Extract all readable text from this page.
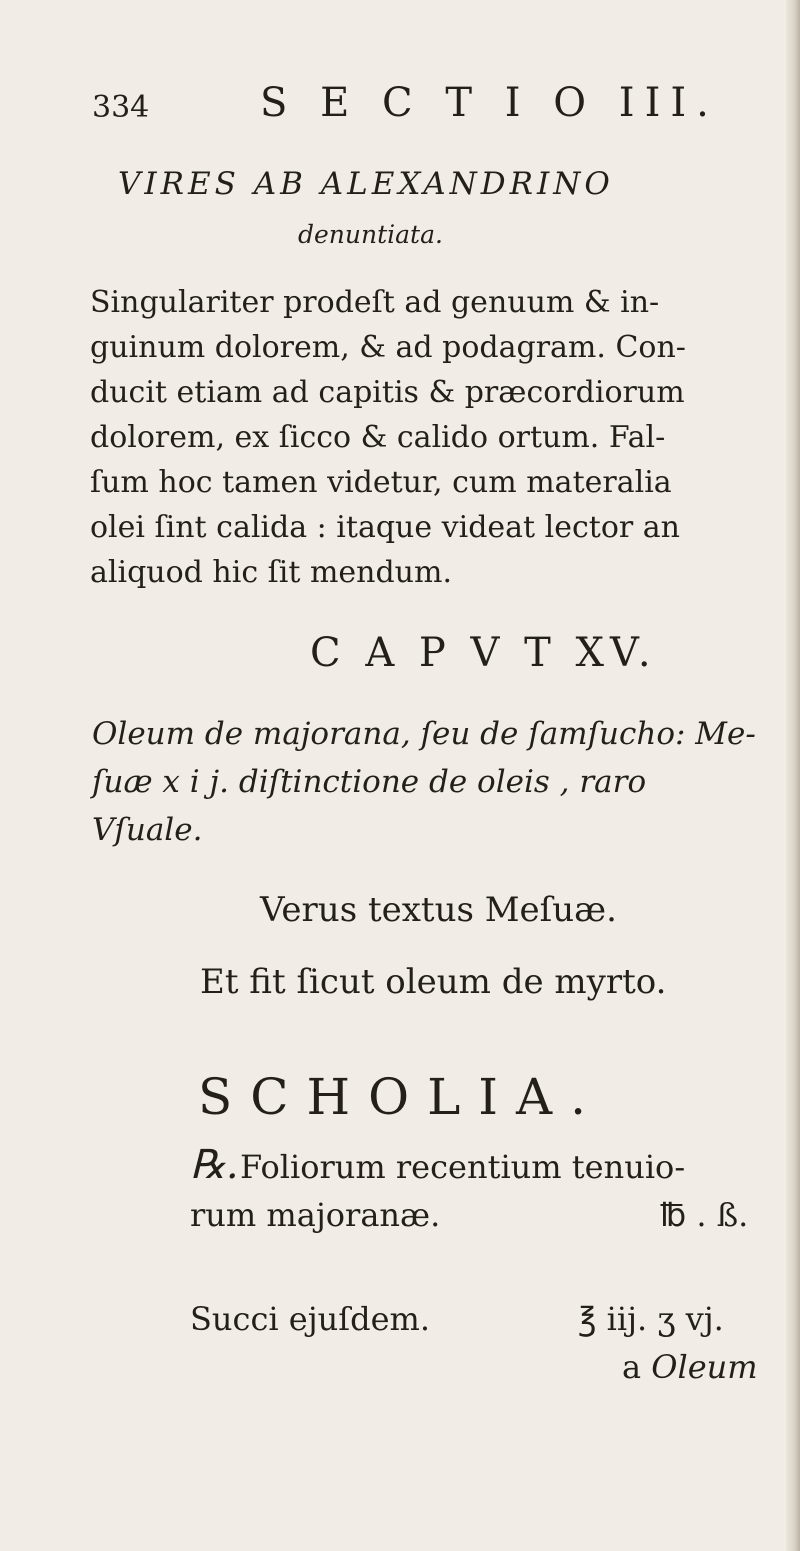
334	S E C T I O III.
VIRES AB ALEXANDRINO
denuntiata.
Singulariter prodeſt ad genuum & in-
guinum dolorem, & ad podagram. Con-
ducit etiam ad capitis & præcordiorum
dolorem, ex ſicco & calido ortum. Fal-
ſum hoc tamen videtur, cum materalia
olei ſint calida : itaque videat lector an
aliquod hic ſit mendum.
C A P V T XV.
Oleum de majorana, ſeu de ſamſucho: Me-
ſuæ x i j. diſtinctione de oleis , raro
Vſuale.
Verus textus Meſuæ.
Et fit ſicut oleum de myrto.
SCHOLIA.
℞. Foliorum recentium tenuio-
rum majoranæ.	℔ . ß.
Succi ejuſdem.	℥ iij. ʒ vj.
a Oleum
